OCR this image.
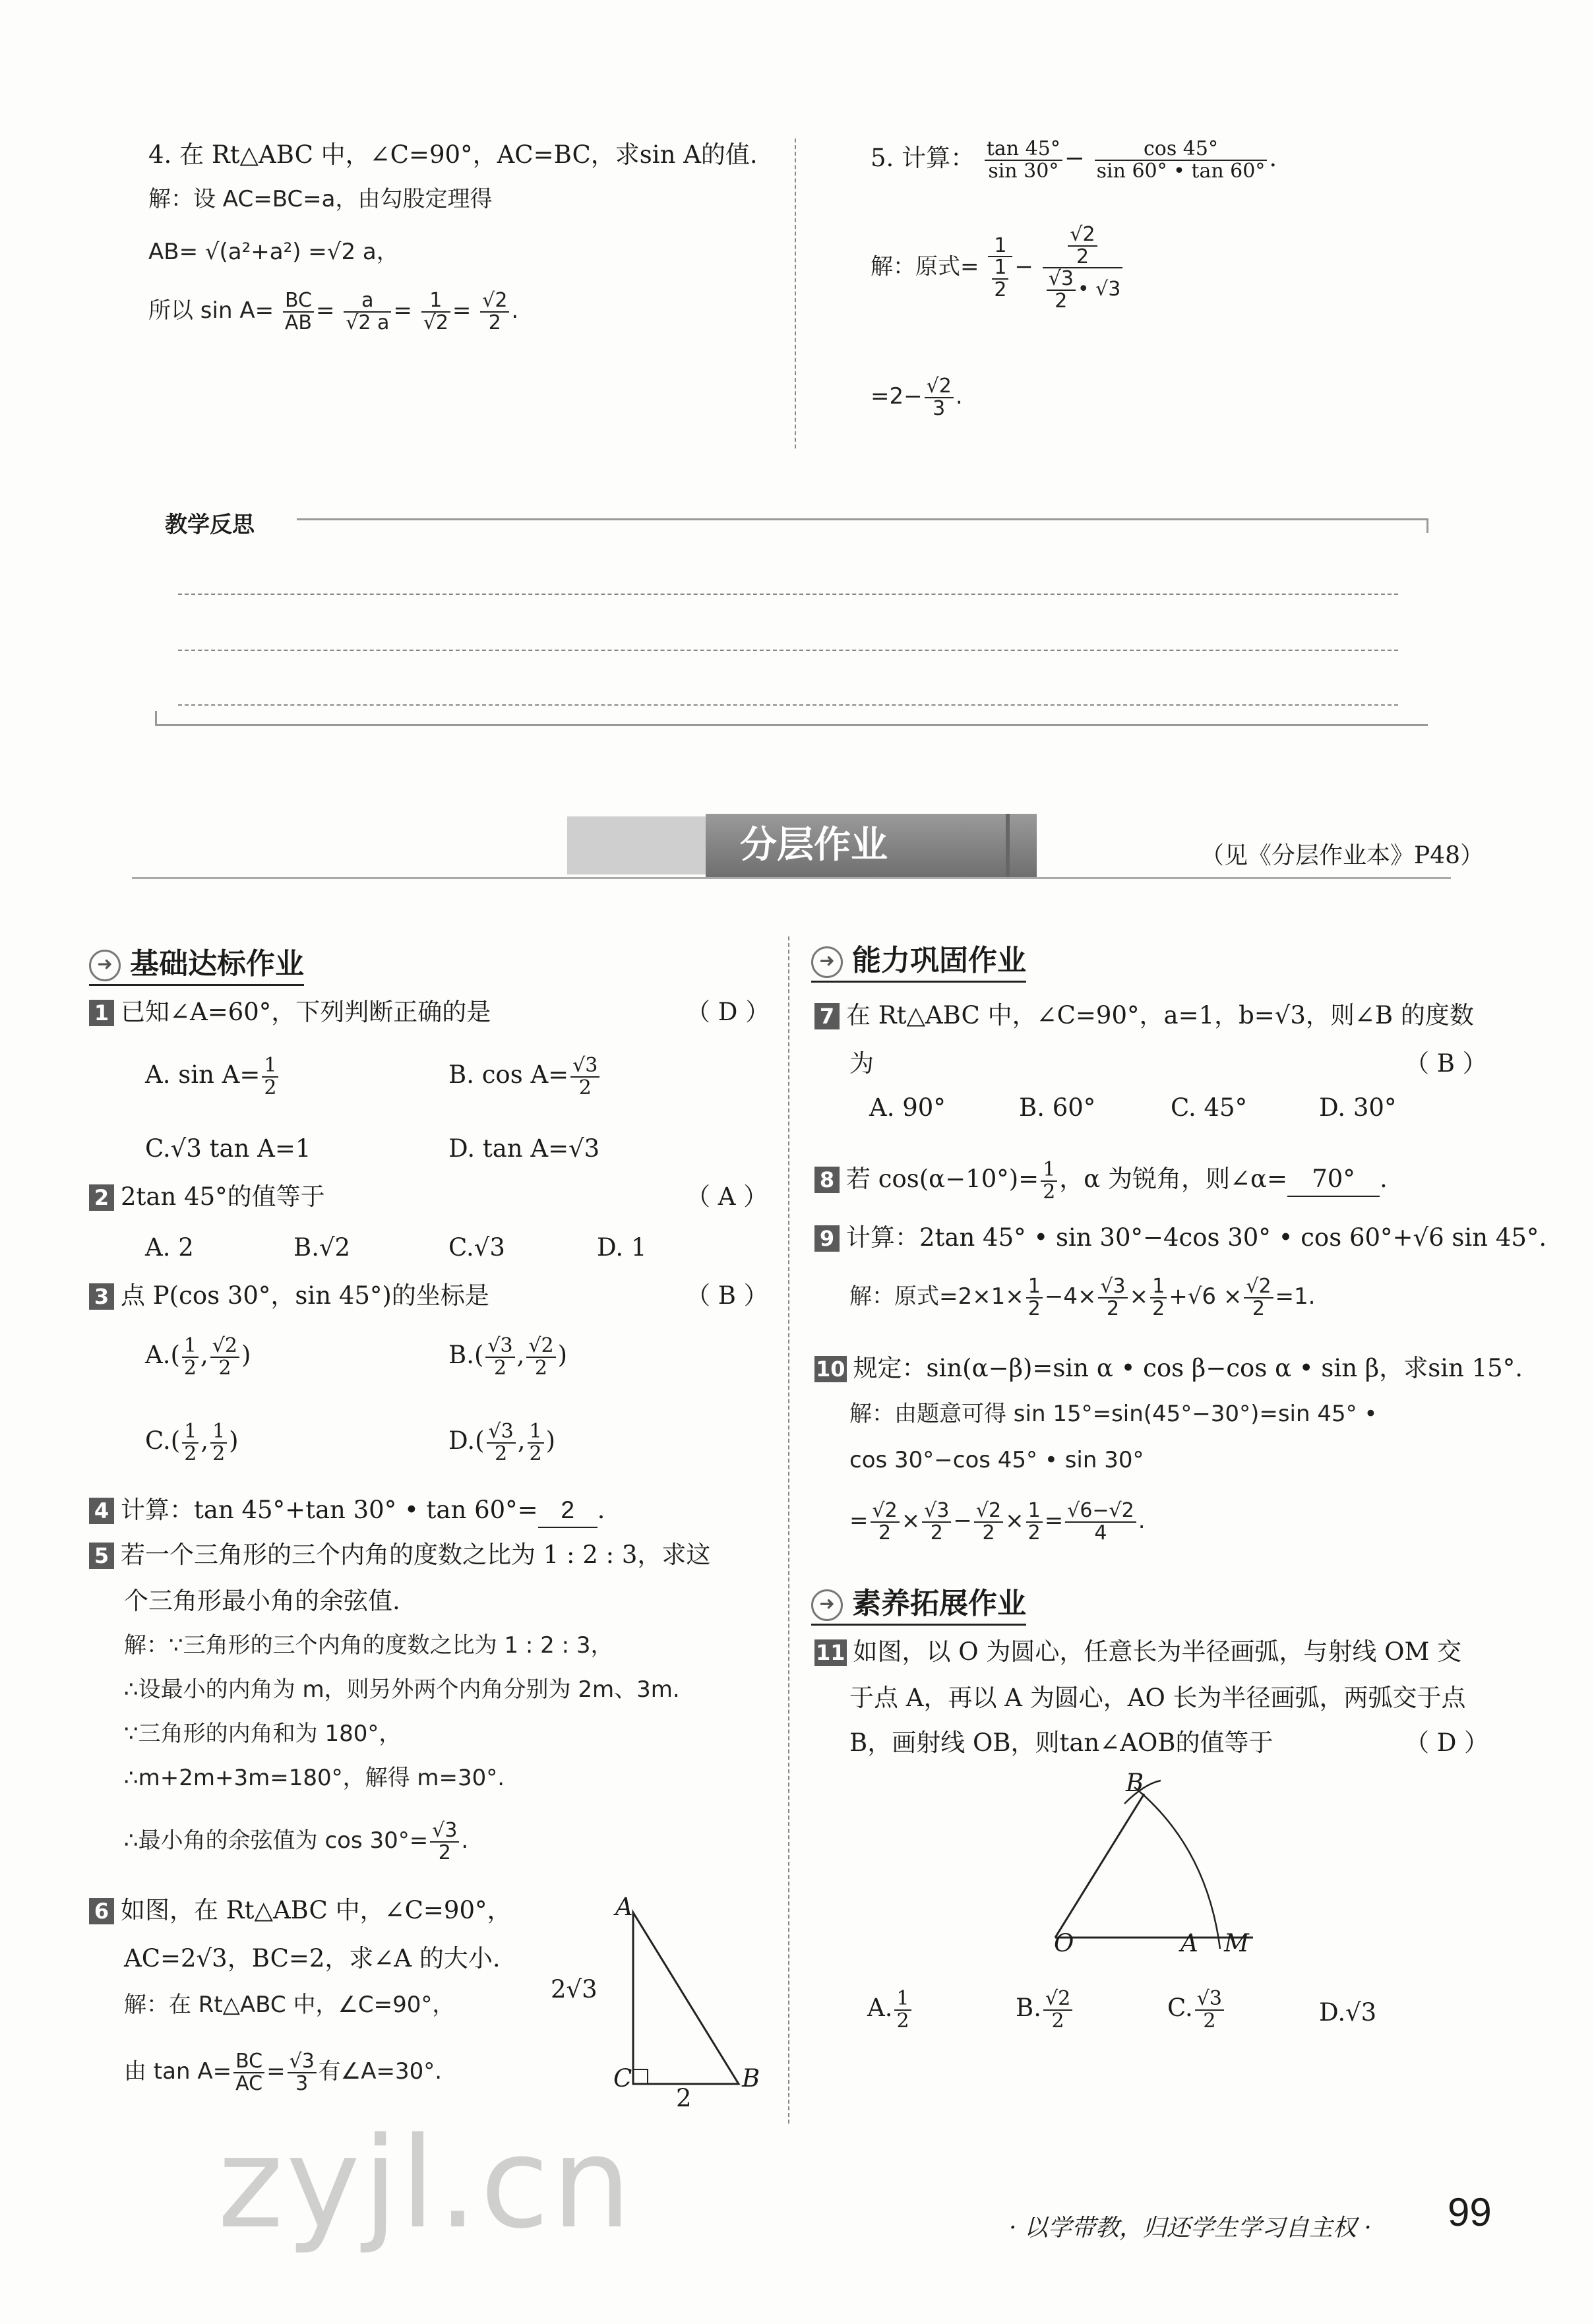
4. 在 Rt△ABC 中，∠C=90°，AC=BC，求sin A的值.
解：设 AC=BC=a，由勾股定理得
AB= √(a²+a²) =√2 a，
所以 $\sin A= \frac{BC}{AB} = \frac{a}{√2 a} = \frac{1}{√2} = \frac{√2}{2}$ .
5. 计算： $\frac{\tan 45^\circ}{\sin 30^\circ} - \frac{\cos 45^\circ}{\sin 60^\circ • \tan 60^\circ}$ .
解：原式= $\frac{1}{\frac{1}{2}} - \frac{\frac{√2}{2}}{\frac{√3}{2} • √3}$
$=2- \frac{√2}{3}$ .
教学反思
分层作业	（见《分层作业本》P48）
➜ 基础达标作业
1 已知∠A=60°，下列判断正确的是	（ D ）
A. $\sin A= \frac{1}{2}$	B. $\cos A= \frac{√3}{2}$
C.√3 tan A=1	D. tan A=√3
2 2tan 45°的值等于	（ A ）
A. 2	B.√2	C.√3	D. 1
3 点 P(cos 30°，sin 45°)的坐标是	（ B ）
$A.( \frac{1}{2}$ , $\frac{√2}{2}$ )	$B.( \frac{√3}{2}$ , $\frac{√2}{2}$ )
$C.( \frac{1}{2}$ , $\frac{1}{2}$ )	$D.( \frac{√3}{2}$ , $\frac{1}{2}$ )
4 计算：tan 45°+tan 30° • tan 60°= 2 .
5 若一个三角形的三个内角的度数之比为 1 : 2 : 3，求这
个三角形最小角的余弦值.
解：∵三角形的三个内角的度数之比为 1 : 2 : 3，
∴设最小的内角为 m，则另外两个内角分别为 2m、3m.
∵三角形的内角和为 180°，
∴m+2m+3m=180°，解得 m=30°.
∴最小角的余弦值为 $\cos 30^\circ= \frac{√3}{2}$ .
6 如图，在 Rt△ABC 中，∠C=90°，
AC=2√3，BC=2，求∠A 的大小.
解：在 Rt△ABC 中，∠C=90°，
由 $\tan A= \frac{BC}{AC} = \frac{√3}{3}$ 有∠A=30°.
A
C	B
2√3
2
➜ 能力巩固作业
7 在 Rt△ABC 中，∠C=90°，a=1，b=√3，则∠B 的度数
为	（ B ）
A. 90°	B. 60°	C. 45°	D. 30°
8 若 $\cos(\alpha-10^\circ)= \frac{1}{2}$ ，α 为锐角，则∠α= 70° .
9 计算：2tan 45° • sin 30°−4cos 30° • cos 60°+√6 sin 45°.
解：原式$=2\times 1\times \frac{1}{2} -4\times \frac{√3}{2} \times \frac{1}{2} +√6 \times \frac{√2}{2} =1$.
10 规定：sin(α−β)=sin α • cos β−cos α • sin β，求sin 15°.
解：由题意可得 sin 15°=sin(45°−30°)=sin 45° •
cos 30°−cos 45° • sin 30°
= $\frac{√2}{2} \times \frac{√3}{2} - \frac{√2}{2} \times \frac{1}{2} = \frac{√6-√2}{4}$ .
➜ 素养拓展作业
11 如图，以 O 为圆心，任意长为半径画弧，与射线 OM 交
于点 A，再以 A 为圆心，AO 长为半径画弧，两弧交于点
B，画射线 OB，则tan∠AOB的值等于	（ D ）
B
O	A M
A. $\frac{1}{2}$	B. $\frac{√2}{2}$	C. $\frac{√3}{2}$	D.√3
zyjl.cn	· 以学带教，归还学生学习自主权 · 99
